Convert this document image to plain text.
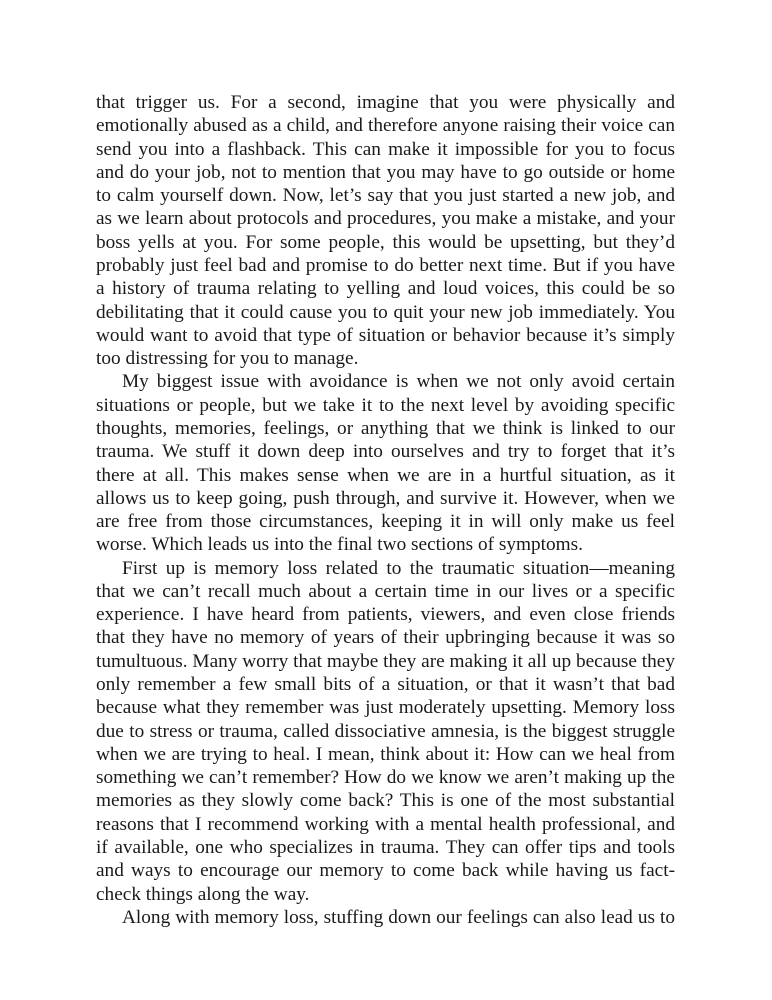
that trigger us. For a second, imagine that you were physically and emotionally abused as a child, and therefore anyone raising their voice can send you into a flashback. This can make it impossible for you to focus and do your job, not to mention that you may have to go outside or home to calm yourself down. Now, let’s say that you just started a new job, and as we learn about protocols and procedures, you make a mistake, and your boss yells at you. For some people, this would be upsetting, but they’d probably just feel bad and promise to do better next time. But if you have a history of trauma relating to yelling and loud voices, this could be so debilitating that it could cause you to quit your new job immediately. You would want to avoid that type of situation or behavior because it’s simply too distressing for you to manage.

My biggest issue with avoidance is when we not only avoid certain situations or people, but we take it to the next level by avoiding specific thoughts, memories, feelings, or anything that we think is linked to our trauma. We stuff it down deep into ourselves and try to forget that it’s there at all. This makes sense when we are in a hurtful situation, as it allows us to keep going, push through, and survive it. However, when we are free from those circumstances, keeping it in will only make us feel worse. Which leads us into the final two sections of symptoms.

First up is memory loss related to the traumatic situation—meaning that we can’t recall much about a certain time in our lives or a specific experience. I have heard from patients, viewers, and even close friends that they have no memory of years of their upbringing because it was so tumultuous. Many worry that maybe they are making it all up because they only remember a few small bits of a situation, or that it wasn’t that bad because what they remember was just moderately upsetting. Memory loss due to stress or trauma, called dissociative amnesia, is the biggest struggle when we are trying to heal. I mean, think about it: How can we heal from something we can’t remember? How do we know we aren’t making up the memories as they slowly come back? This is one of the most substantial reasons that I recommend working with a mental health professional, and if available, one who specializes in trauma. They can offer tips and tools and ways to encourage our memory to come back while having us fact-check things along the way.

Along with memory loss, stuffing down our feelings can also lead us to
